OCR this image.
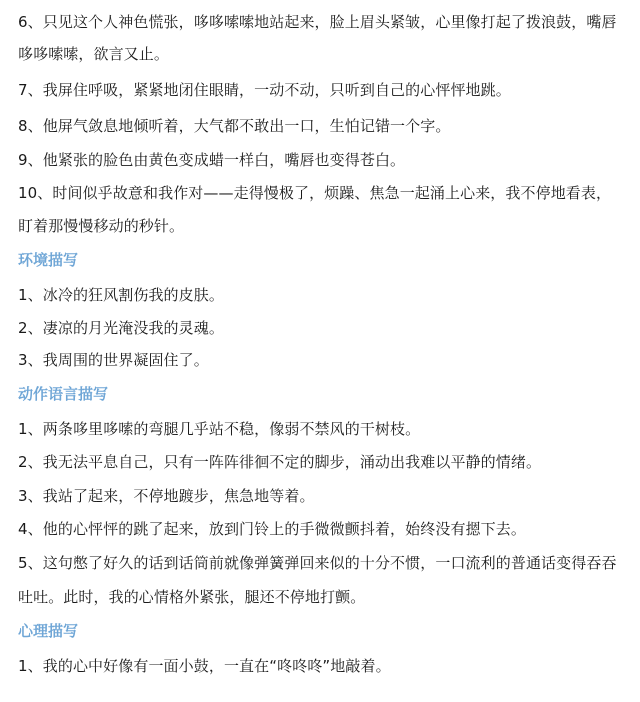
6、只见这个人神色慌张，哆哆嗦嗦地站起来，脸上眉头紧皱，心里像打起了拨浪鼓，嘴唇
哆哆嗦嗦，欲言又止。
7、我屏住呼吸，紧紧地闭住眼睛，一动不动，只听到自己的心怦怦地跳。
8、他屏气敛息地倾听着，大气都不敢出一口，生怕记错一个字。
9、他紧张的脸色由黄色变成蜡一样白，嘴唇也变得苍白。
10、时间似乎故意和我作对——走得慢极了，烦躁、焦急一起涌上心来，我不停地看表，
盯着那慢慢移动的秒针。
环境描写
1、冰冷的狂风割伤我的皮肤。
2、凄凉的月光淹没我的灵魂。
3、我周围的世界凝固住了。
动作语言描写
1、两条哆里哆嗦的弯腿几乎站不稳，像弱不禁风的干树枝。
2、我无法平息自己，只有一阵阵徘徊不定的脚步，涌动出我难以平静的情绪。
3、我站了起来，不停地踱步，焦急地等着。
4、他的心怦怦的跳了起来，放到门铃上的手微微颤抖着，始终没有摁下去。
5、这句憋了好久的话到话筒前就像弹簧弹回来似的十分不惯，一口流利的普通话变得吞吞
吐吐。此时，我的心情格外紧张，腿还不停地打颤。
心理描写
1、我的心中好像有一面小鼓，一直在“咚咚咚”地敲着。
